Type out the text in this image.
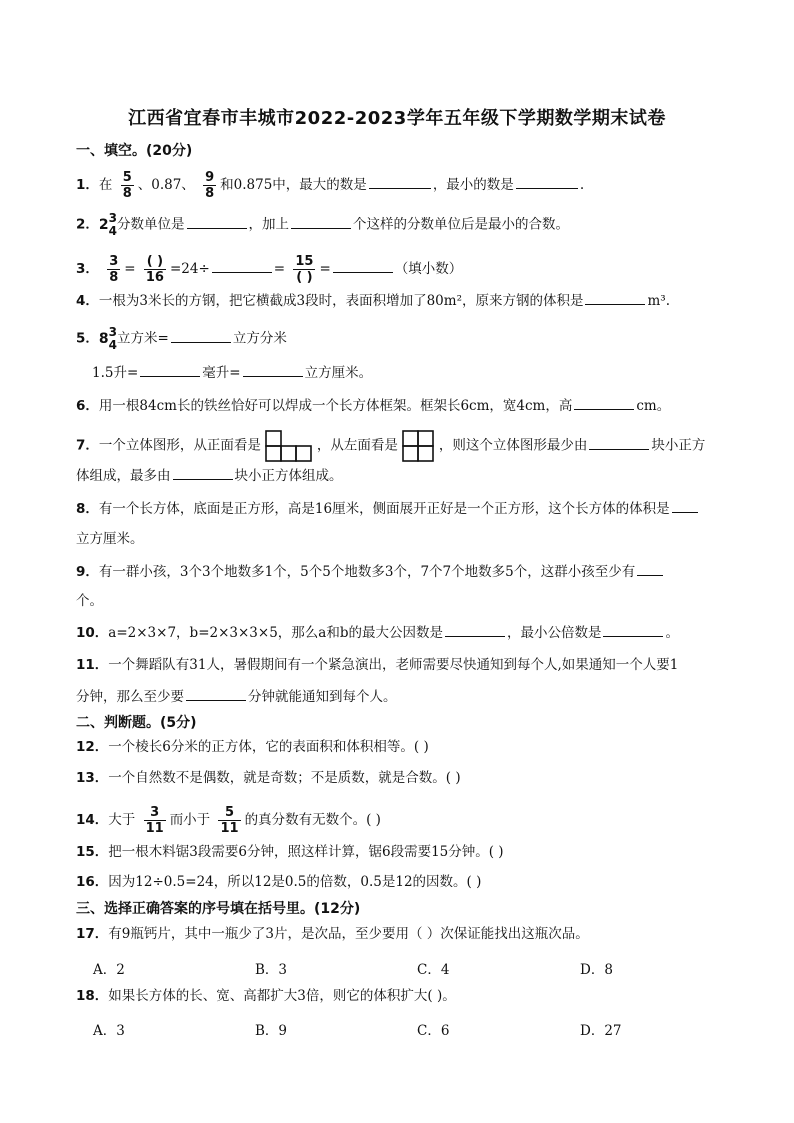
江西省宜春市丰城市2022-2023学年五年级下学期数学期末试卷
一、填空。(20分)
1．在 $\frac{5}{8}$ 、0.87、 $\frac{9}{8}$ 和0.875中，最大的数是	，最小的数是	.
2．2 3
4 分数单位是	，加上	个这样的分数单位后是最小的合数。
3． $\frac{3}{8} = \frac{( )}{16} =24\div$	= $\frac{15}{( )}$ =	（填小数）
4．一根为3米长的方钢，把它横截成3段时，表面积增加了80m²，原来方钢的体积是	m³.
5．8 3
4 立方米=	立方分米
1.5升=	毫升=	立方厘米。
6．用一根84cm长的铁丝恰好可以焊成一个长方体框架。框架长6cm，宽4cm，高	cm。
7．一个立体图形，从正面看是	，从左面看是	，则这个立体图形最少由	块小正方
体组成，最多由	块小正方体组成。
8．有一个长方体，底面是正方形，高是16厘米，侧面展开正好是一个正方形，这个长方体的体积是
立方厘米。
9．有一群小孩，3个3个地数多1个，5个5个地数多3个，7个7个地数多5个，这群小孩至少有
个。
10．a=2×3×7，b=2×3×3×5，那么a和b的最大公因数是	，最小公倍数是	。
11．一个舞蹈队有31人，暑假期间有一个紧急演出，老师需要尽快通知到每个人,如果通知一个人要1
分钟，那么至少要	分钟就能通知到每个人。
二、判断题。(5分)
12．一个棱长6分米的正方体，它的表面积和体积相等。( )
13．一个自然数不是偶数，就是奇数；不是质数，就是合数。( )
14．大于 $\frac{3}{11}$ 而小于 $\frac{5}{11}$ 的真分数有无数个。( )
15．把一根木料锯3段需要6分钟，照这样计算，锯6段需要15分钟。( )
16．因为12÷0.5=24，所以12是0.5的倍数，0.5是12的因数。( )
三、选择正确答案的序号填在括号里。(12分)
17．有9瓶钙片，其中一瓶少了3片，是次品，至少要用（ ）次保证能找出这瓶次品。
A．2	B．3	C．4	D．8
18．如果长方体的长、宽、高都扩大3倍，则它的体积扩大( )。
A．3	B．9	C．6	D．27
